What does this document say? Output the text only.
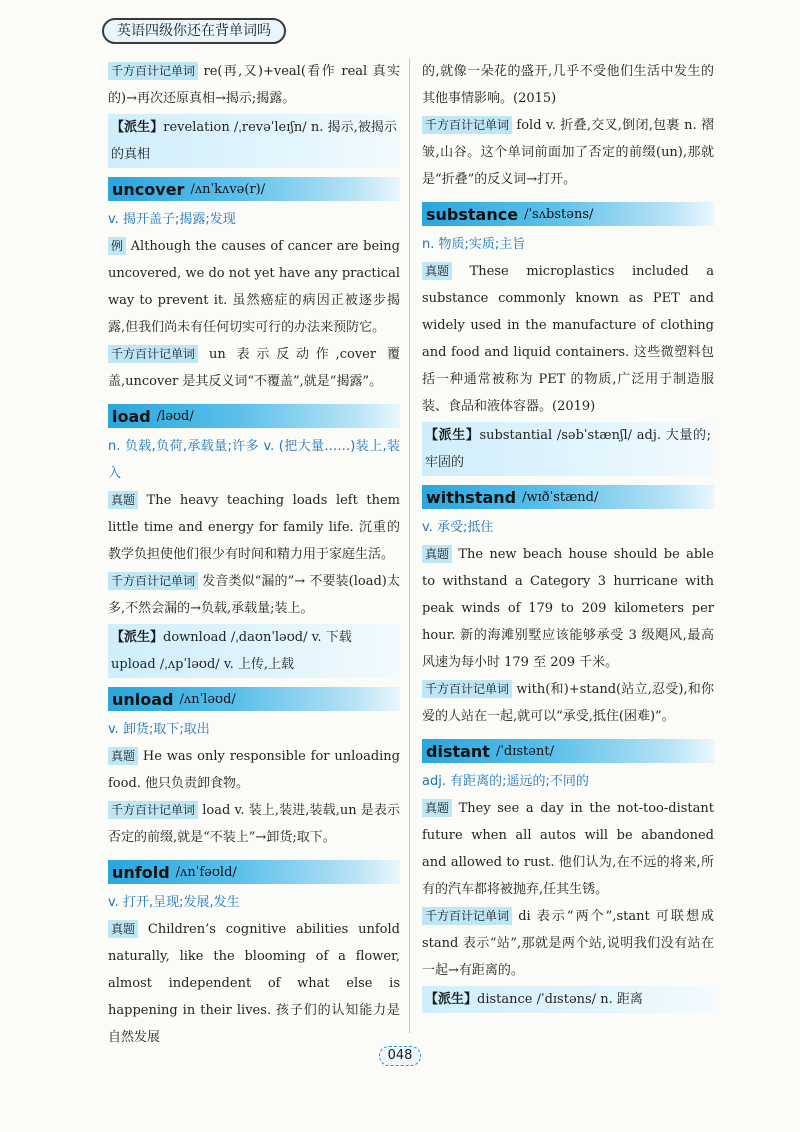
英语四级你还在背单词吗

千方百计记单词 re(再,又)+veal(看作 real 真实的)→再次还原真相→揭示;揭露。

【派生】revelation /ˌrevəˈleɪʃn/ n. 揭示,被揭示的真相

uncover /ʌnˈkʌvə(r)/

v. 揭开盖子;揭露;发现

例 Although the causes of cancer are being uncovered, we do not yet have any practical way to prevent it. 虽然癌症的病因正被逐步揭露,但我们尚未有任何切实可行的办法来预防它。

千方百计记单词 un 表示反动作,cover 覆盖,uncover 是其反义词“不覆盖”,就是“揭露”。

load /ləʊd/

n. 负载,负荷,承载量;许多 v. (把大量……)装上,装入

真题 The heavy teaching loads left them little time and energy for family life. 沉重的教学负担使他们很少有时间和精力用于家庭生活。

千方百计记单词 发音类似“漏的”→ 不要装(load)太多,不然会漏的→负载,承载量;装上。

【派生】download /ˌdaʊnˈləʊd/ v. 下载

upload /ˌʌpˈləʊd/ v. 上传,上载

unload /ʌnˈləʊd/

v. 卸货;取下;取出

真题 He was only responsible for unloading food. 他只负责卸食物。

千方百计记单词 load v. 装上,装进,装载,un 是表示否定的前缀,就是“不装上”→卸货;取下。

unfold /ʌnˈfəʊld/

v. 打开,呈现;发展,发生

真题 Children’s cognitive abilities unfold naturally, like the blooming of a flower, almost independent of what else is happening in their lives. 孩子们的认知能力是自然发展

的,就像一朵花的盛开,几乎不受他们生活中发生的其他事情影响。(2015)

千方百计记单词 fold v. 折叠,交叉,倒闭,包裹 n. 褶皱,山谷。这个单词前面加了否定的前缀(un),那就是“折叠”的反义词→打开。

substance /ˈsʌbstəns/

n. 物质;实质;主旨

真题 These microplastics included a substance commonly known as PET and widely used in the manufacture of clothing and food and liquid containers. 这些微塑料包括一种通常被称为 PET 的物质,广泛用于制造服装、食品和液体容器。(2019)

【派生】substantial /səbˈstænʃl/ adj. 大量的;牢固的

withstand /wɪðˈstænd/

v. 承受;抵住

真题 The new beach house should be able to withstand a Category 3 hurricane with peak winds of 179 to 209 kilometers per hour. 新的海滩别墅应该能够承受 3 级飓风,最高风速为每小时 179 至 209 千米。

千方百计记单词 with(和)+stand(站立,忍受),和你爱的人站在一起,就可以“承受,抵住(困难)”。

distant /ˈdɪstənt/

adj. 有距离的;遥远的;不同的

真题 They see a day in the not-too-distant future when all autos will be abandoned and allowed to rust. 他们认为,在不远的将来,所有的汽车都将被抛弃,任其生锈。

千方百计记单词 di 表示“两个”,stant 可联想成 stand 表示“站”,那就是两个站,说明我们没有站在一起→有距离的。

【派生】distance /ˈdɪstəns/ n. 距离

048
